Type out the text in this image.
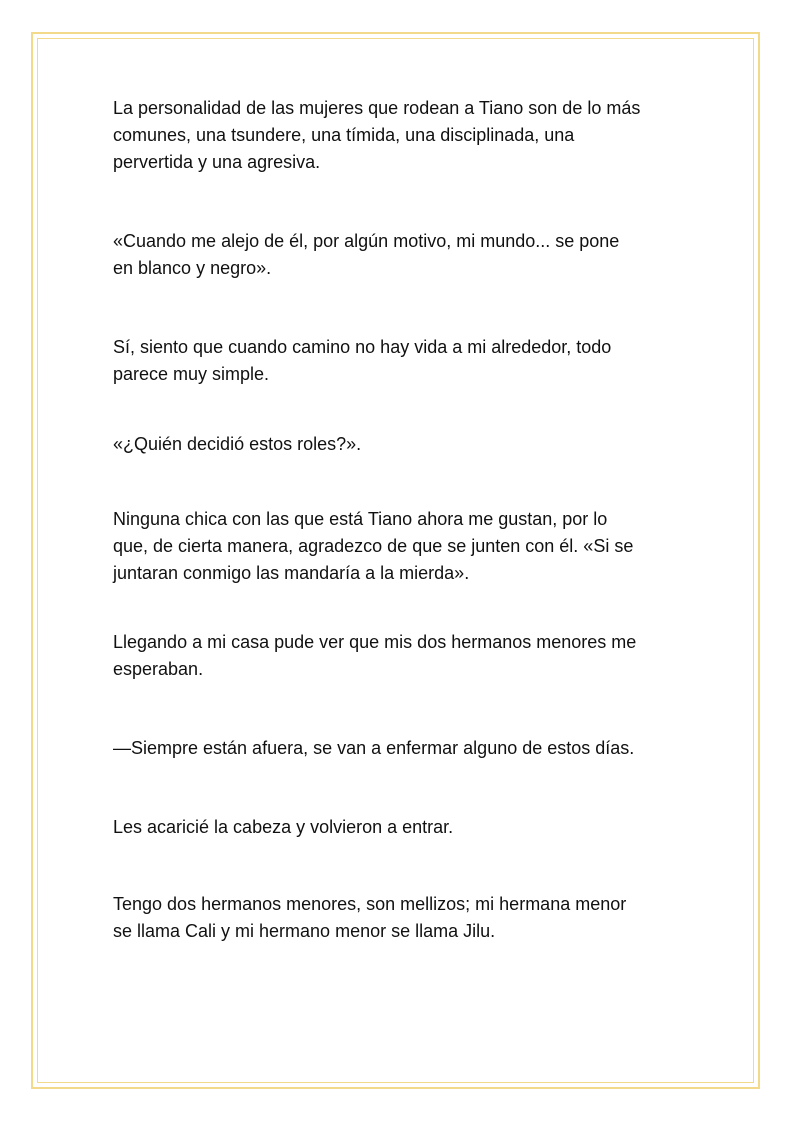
La personalidad de las mujeres que rodean a Tiano son de lo más
comunes, una tsundere, una tímida, una disciplinada, una
pervertida y una agresiva.

«Cuando me alejo de él, por algún motivo, mi mundo... se pone
en blanco y negro».

Sí, siento que cuando camino no hay vida a mi alrededor, todo
parece muy simple.

«¿Quién decidió estos roles?».

Ninguna chica con las que está Tiano ahora me gustan, por lo
que, de cierta manera, agradezco de que se junten con él. «Si se
juntaran conmigo las mandaría a la mierda».

Llegando a mi casa pude ver que mis dos hermanos menores me
esperaban.

—Siempre están afuera, se van a enfermar alguno de estos días.

Les acaricié la cabeza y volvieron a entrar.

Tengo dos hermanos menores, son mellizos; mi hermana menor
se llama Cali y mi hermano menor se llama Jilu.
